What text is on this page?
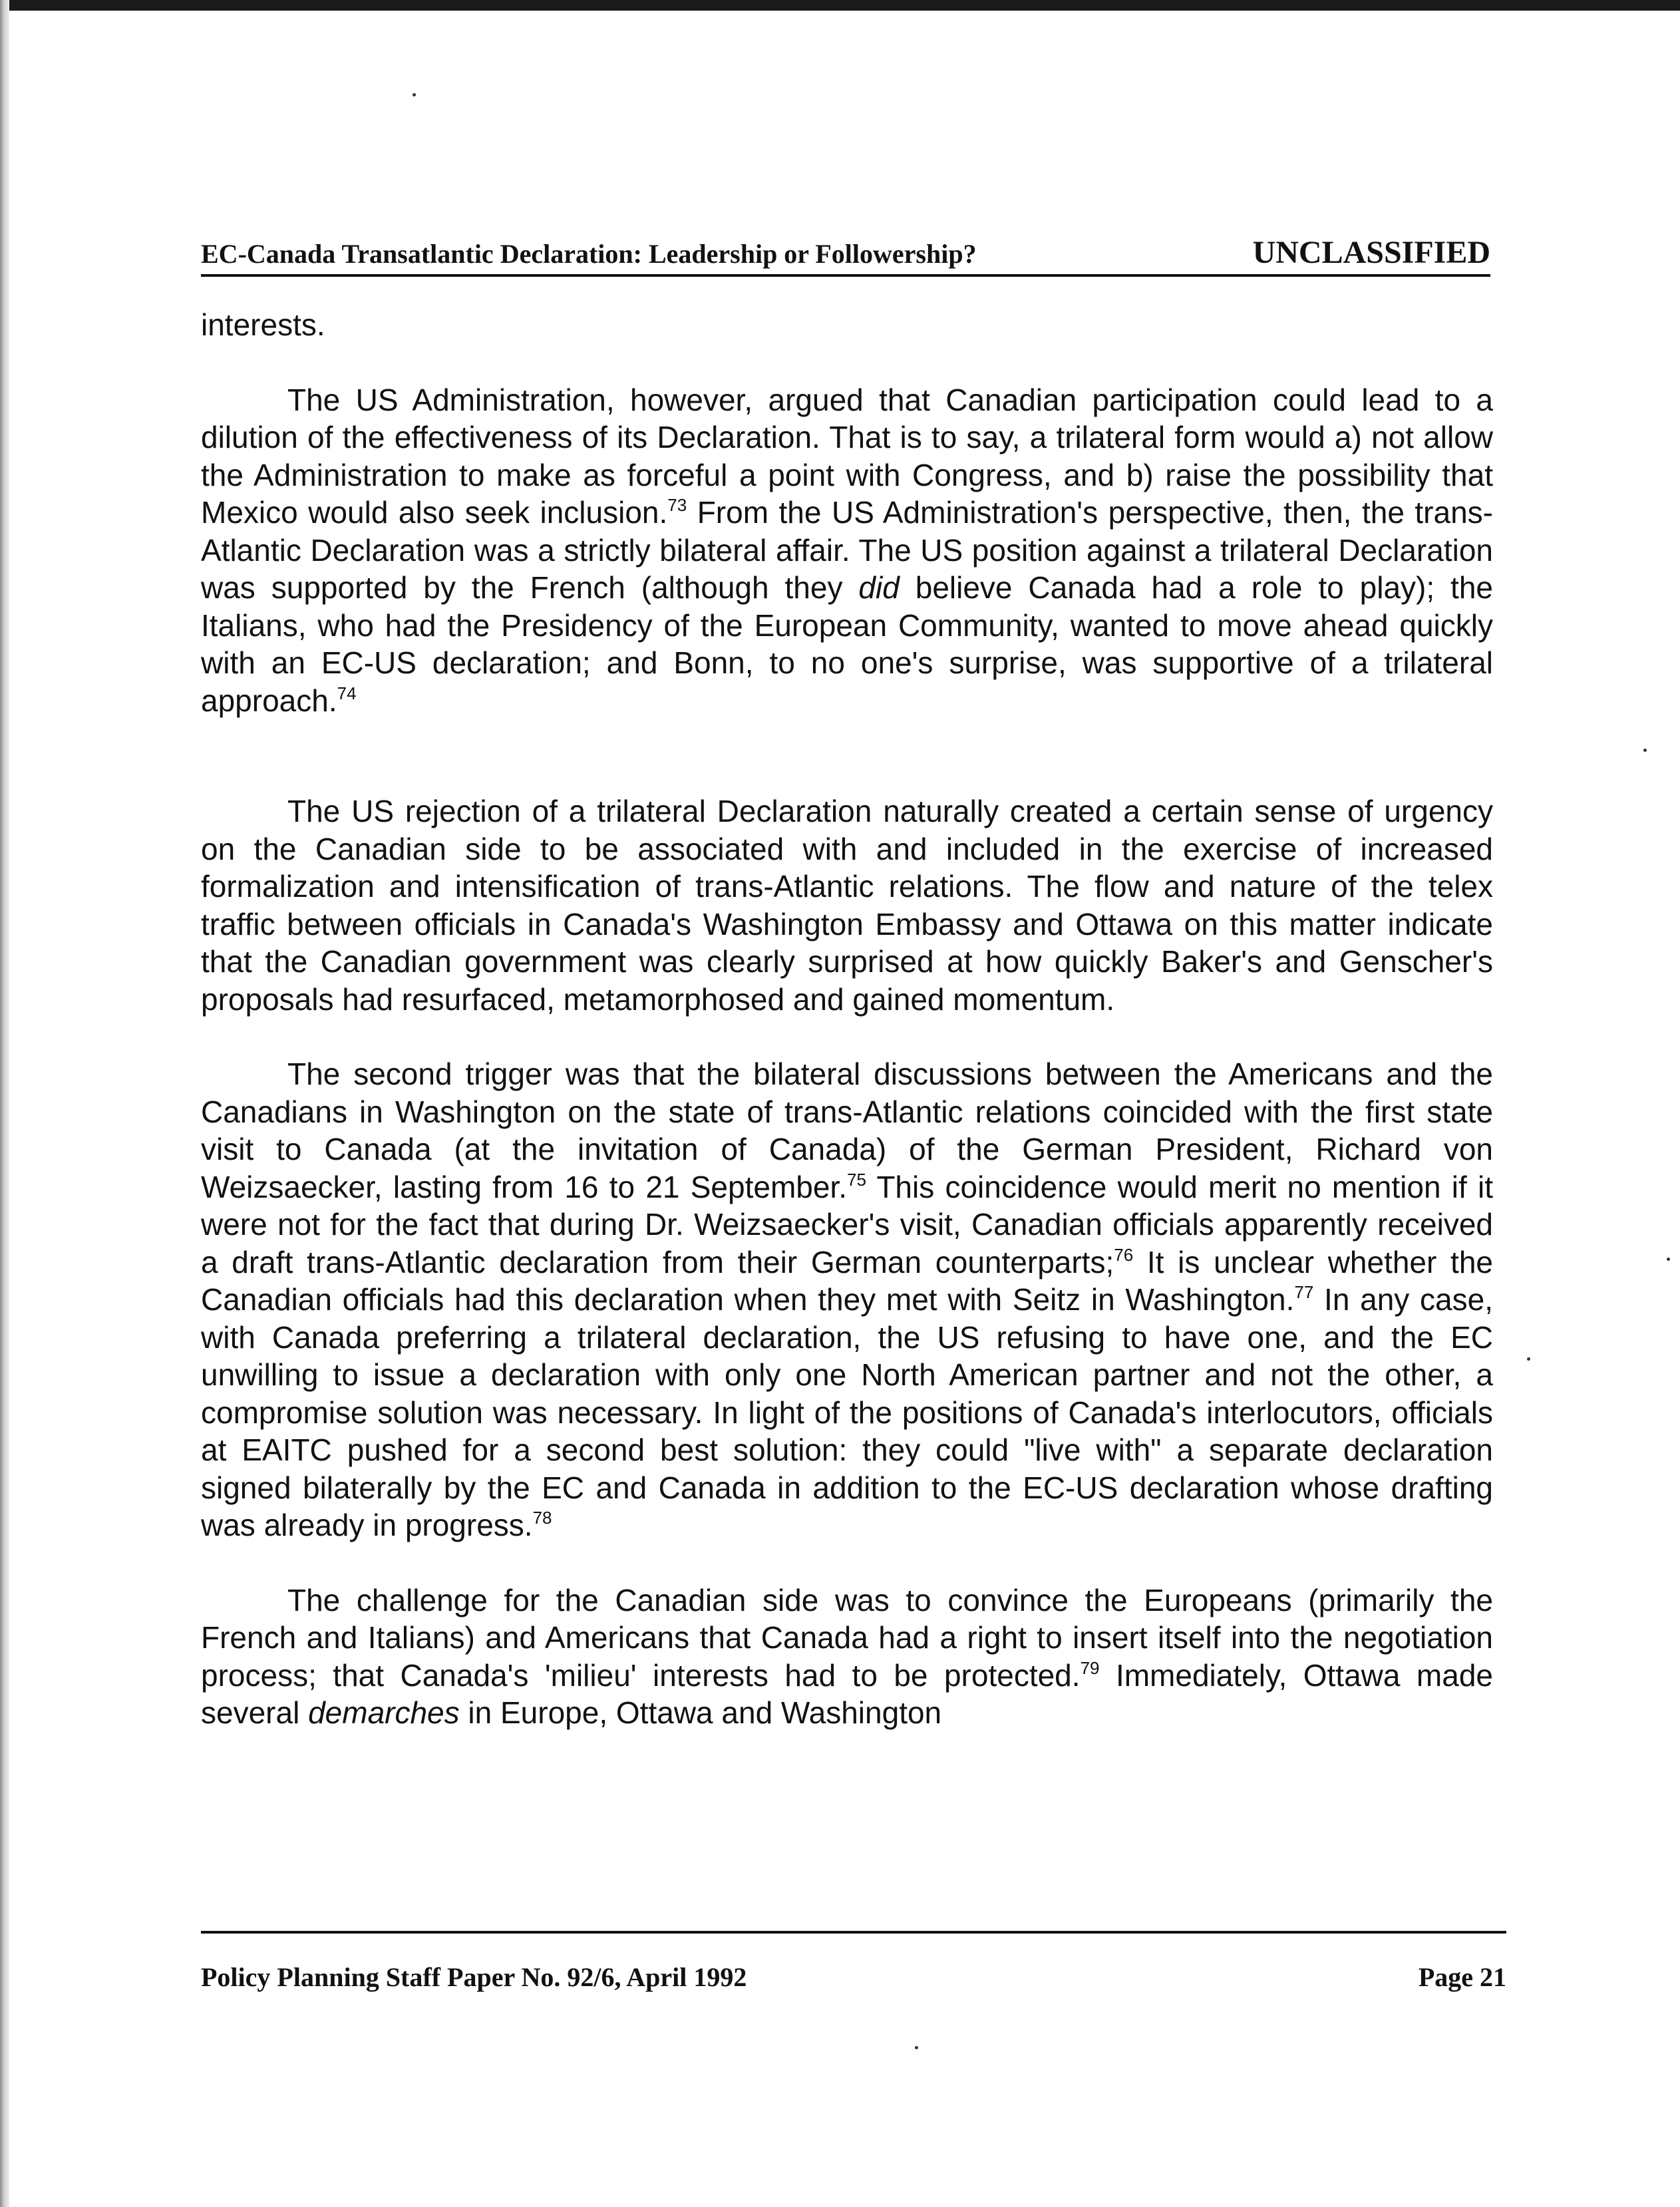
EC-Canada Transatlantic Declaration: Leadership or Followership?	UNCLASSIFIED

interests.

The US Administration, however, argued that Canadian participation could lead to a dilution of the effectiveness of its Declaration. That is to say, a trilateral form would a) not allow the Administration to make as forceful a point with Congress, and b) raise the possibility that Mexico would also seek inclusion.$^{73}$ From the US Administration's perspective, then, the trans-Atlantic Declaration was a strictly bilateral affair. The US position against a trilateral Declaration was supported by the French (although they did believe Canada had a role to play); the Italians, who had the Presidency of the European Community, wanted to move ahead quickly with an EC-US declaration; and Bonn, to no one's surprise, was supportive of a trilateral approach.$^{74}$

The US rejection of a trilateral Declaration naturally created a certain sense of urgency on the Canadian side to be associated with and included in the exercise of increased formalization and intensification of trans-Atlantic relations. The flow and nature of the telex traffic between officials in Canada's Washington Embassy and Ottawa on this matter indicate that the Canadian government was clearly surprised at how quickly Baker's and Genscher's proposals had resurfaced, metamorphosed and gained momentum.

The second trigger was that the bilateral discussions between the Americans and the Canadians in Washington on the state of trans-Atlantic relations coincided with the first state visit to Canada (at the invitation of Canada) of the German President, Richard von Weizsaecker, lasting from 16 to 21 September.$^{75}$ This coincidence would merit no mention if it were not for the fact that during Dr. Weizsaecker's visit, Canadian officials apparently received a draft trans-Atlantic declaration from their German counterparts;$^{76}$ It is unclear whether the Canadian officials had this declaration when they met with Seitz in Washington.$^{77}$ In any case, with Canada preferring a trilateral declaration, the US refusing to have one, and the EC unwilling to issue a declaration with only one North American partner and not the other, a compromise solution was necessary. In light of the positions of Canada's interlocutors, officials at EAITC pushed for a second best solution: they could "live with" a separate declaration signed bilaterally by the EC and Canada in addition to the EC-US declaration whose drafting was already in progress.$^{78}$

The challenge for the Canadian side was to convince the Europeans (primarily the French and Italians) and Americans that Canada had a right to insert itself into the negotiation process; that Canada's 'milieu' interests had to be protected.$^{79}$ Immediately, Ottawa made several demarches in Europe, Ottawa and Washington

Policy Planning Staff Paper No. 92/6, April 1992	Page 21
